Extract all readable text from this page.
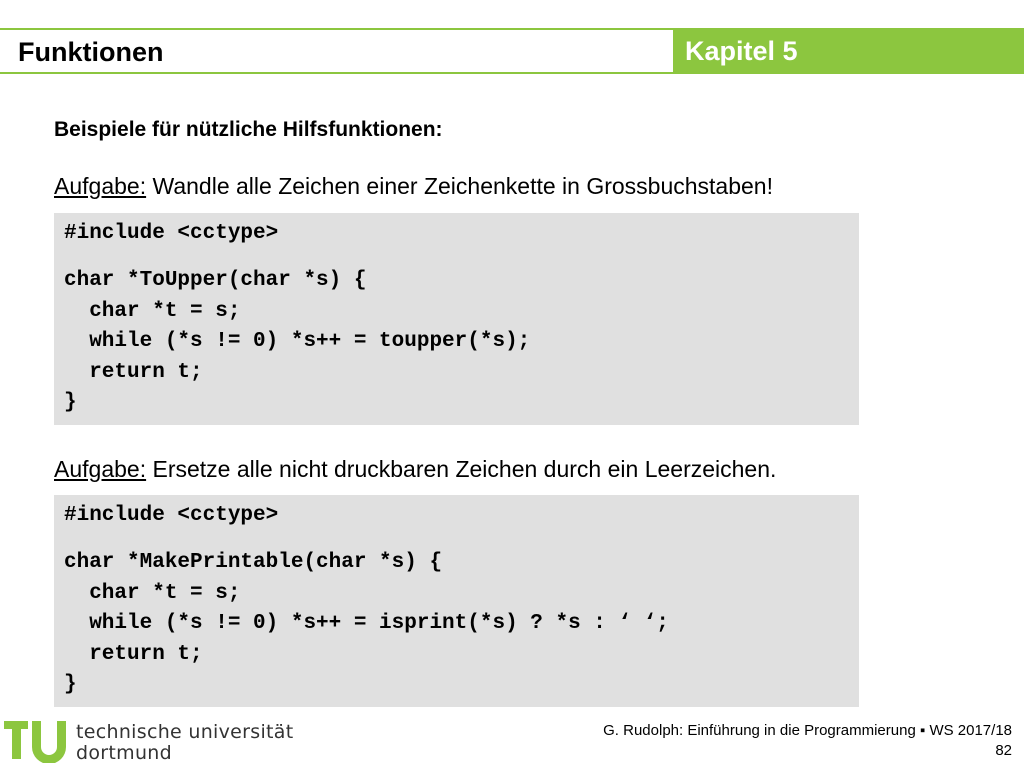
Funktionen	Kapitel 5
Beispiele für nützliche Hilfsfunktionen:
Aufgabe: Wandle alle Zeichen einer Zeichenkette in Grossbuchstaben!
#include <cctype>
char *ToUpper(char *s) {
char *t = s;
while (*s != 0) *s++ = toupper(*s);
return t;
}
Aufgabe: Ersetze alle nicht druckbaren Zeichen durch ein Leerzeichen.
#include <cctype>
char *MakePrintable(char *s) {
char *t = s;
while (*s != 0) *s++ = isprint(*s) ? *s : ‘ ‘;
return t;
}
technische universität
dortmund
G. Rudolph: Einführung in die Programmierung ▪ WS 2017/18
82
